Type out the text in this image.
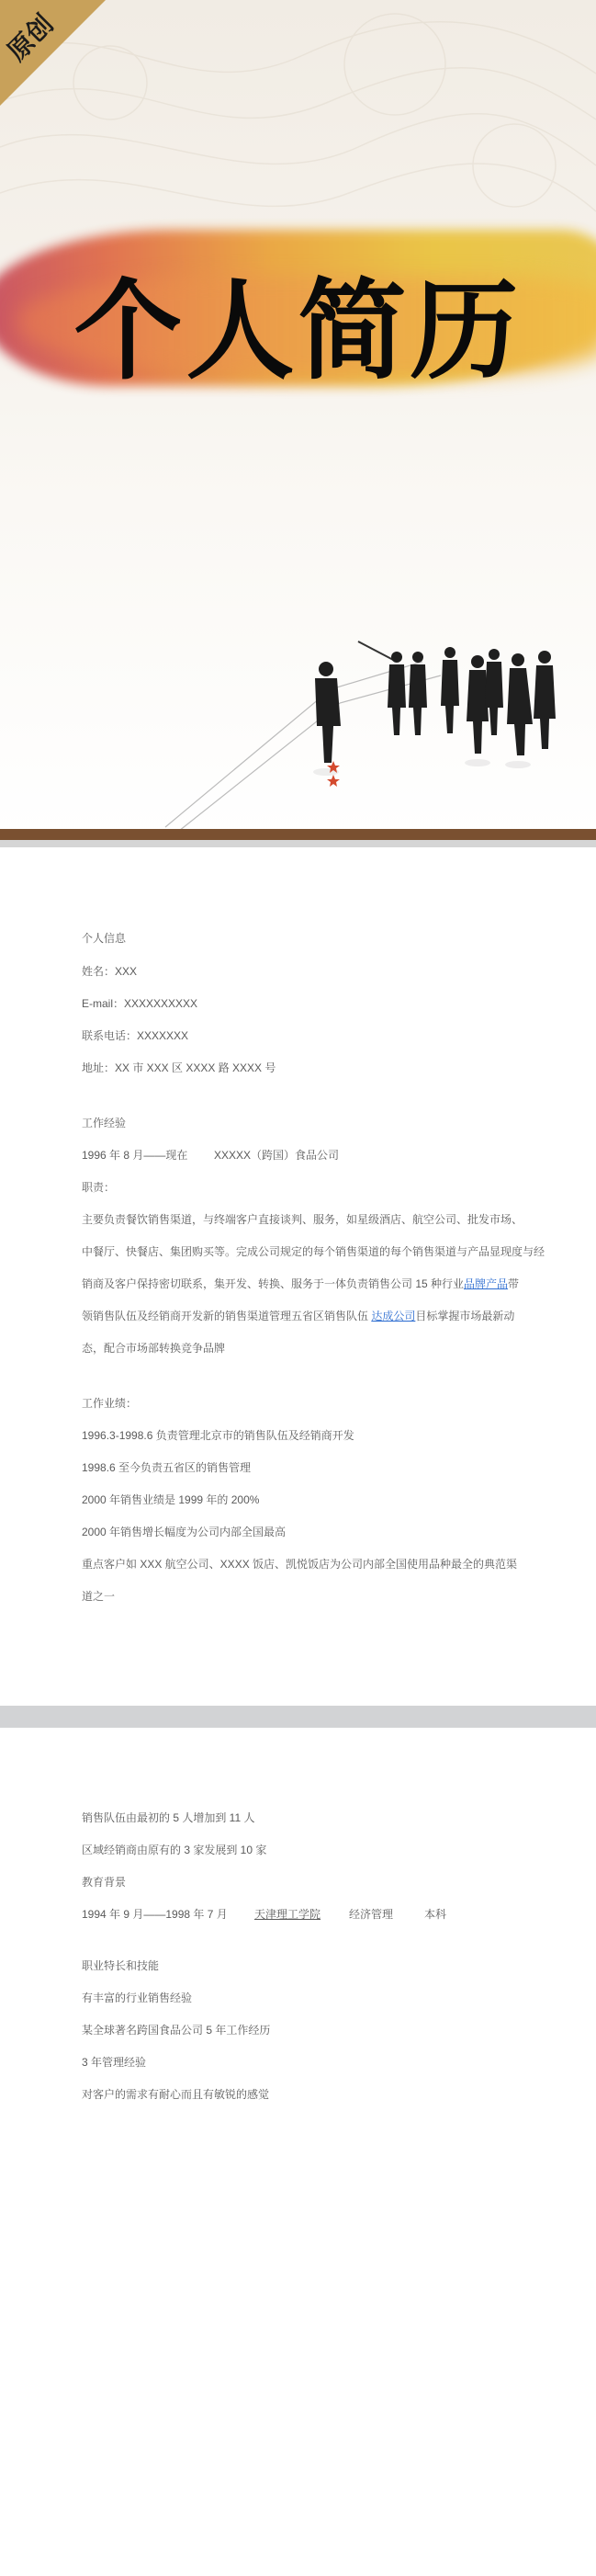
个人简历
原创
个人信息
姓名：XXX
E-mail：XXXXXXXXXX
联系电话：XXXXXXX
地址：XX 市 XXX 区 XXXX 路 XXXX 号
工作经验
1996 年 8 月——现在 XXXXX（跨国）食品公司
职责：
主要负责餐饮销售渠道，与终端客户直接谈判、服务，如星级酒店、航空公司、批发市场、
中餐厅、快餐店、集团购买等。完成公司规定的每个销售渠道的每个销售渠道与产品显现度与经
销商及客户保持密切联系，集开发、转换、服务于一体负责销售公司 15 种行业品牌产品带
领销售队伍及经销商开发新的销售渠道管理五省区销售队伍 达成公司目标掌握市场最新动
态，配合市场部转换竞争品牌
工作业绩：
1996.3-1998.6 负责管理北京市的销售队伍及经销商开发
1998.6 至今负责五省区的销售管理
2000 年销售业绩是 1999 年的 200%
2000 年销售增长幅度为公司内部全国最高
重点客户如 XXX 航空公司、XXXX 饭店、凯悦饭店为公司内部全国使用品种最全的典范渠
道之一
销售队伍由最初的 5 人增加到 11 人
区域经销商由原有的 3 家发展到 10 家
教育背景
1994 年 9 月——1998 年 7 月 天津理工学院	经济管理	本科
职业特长和技能
有丰富的行业销售经验
某全球著名跨国食品公司 5 年工作经历
3 年管理经验
对客户的需求有耐心而且有敏锐的感觉
